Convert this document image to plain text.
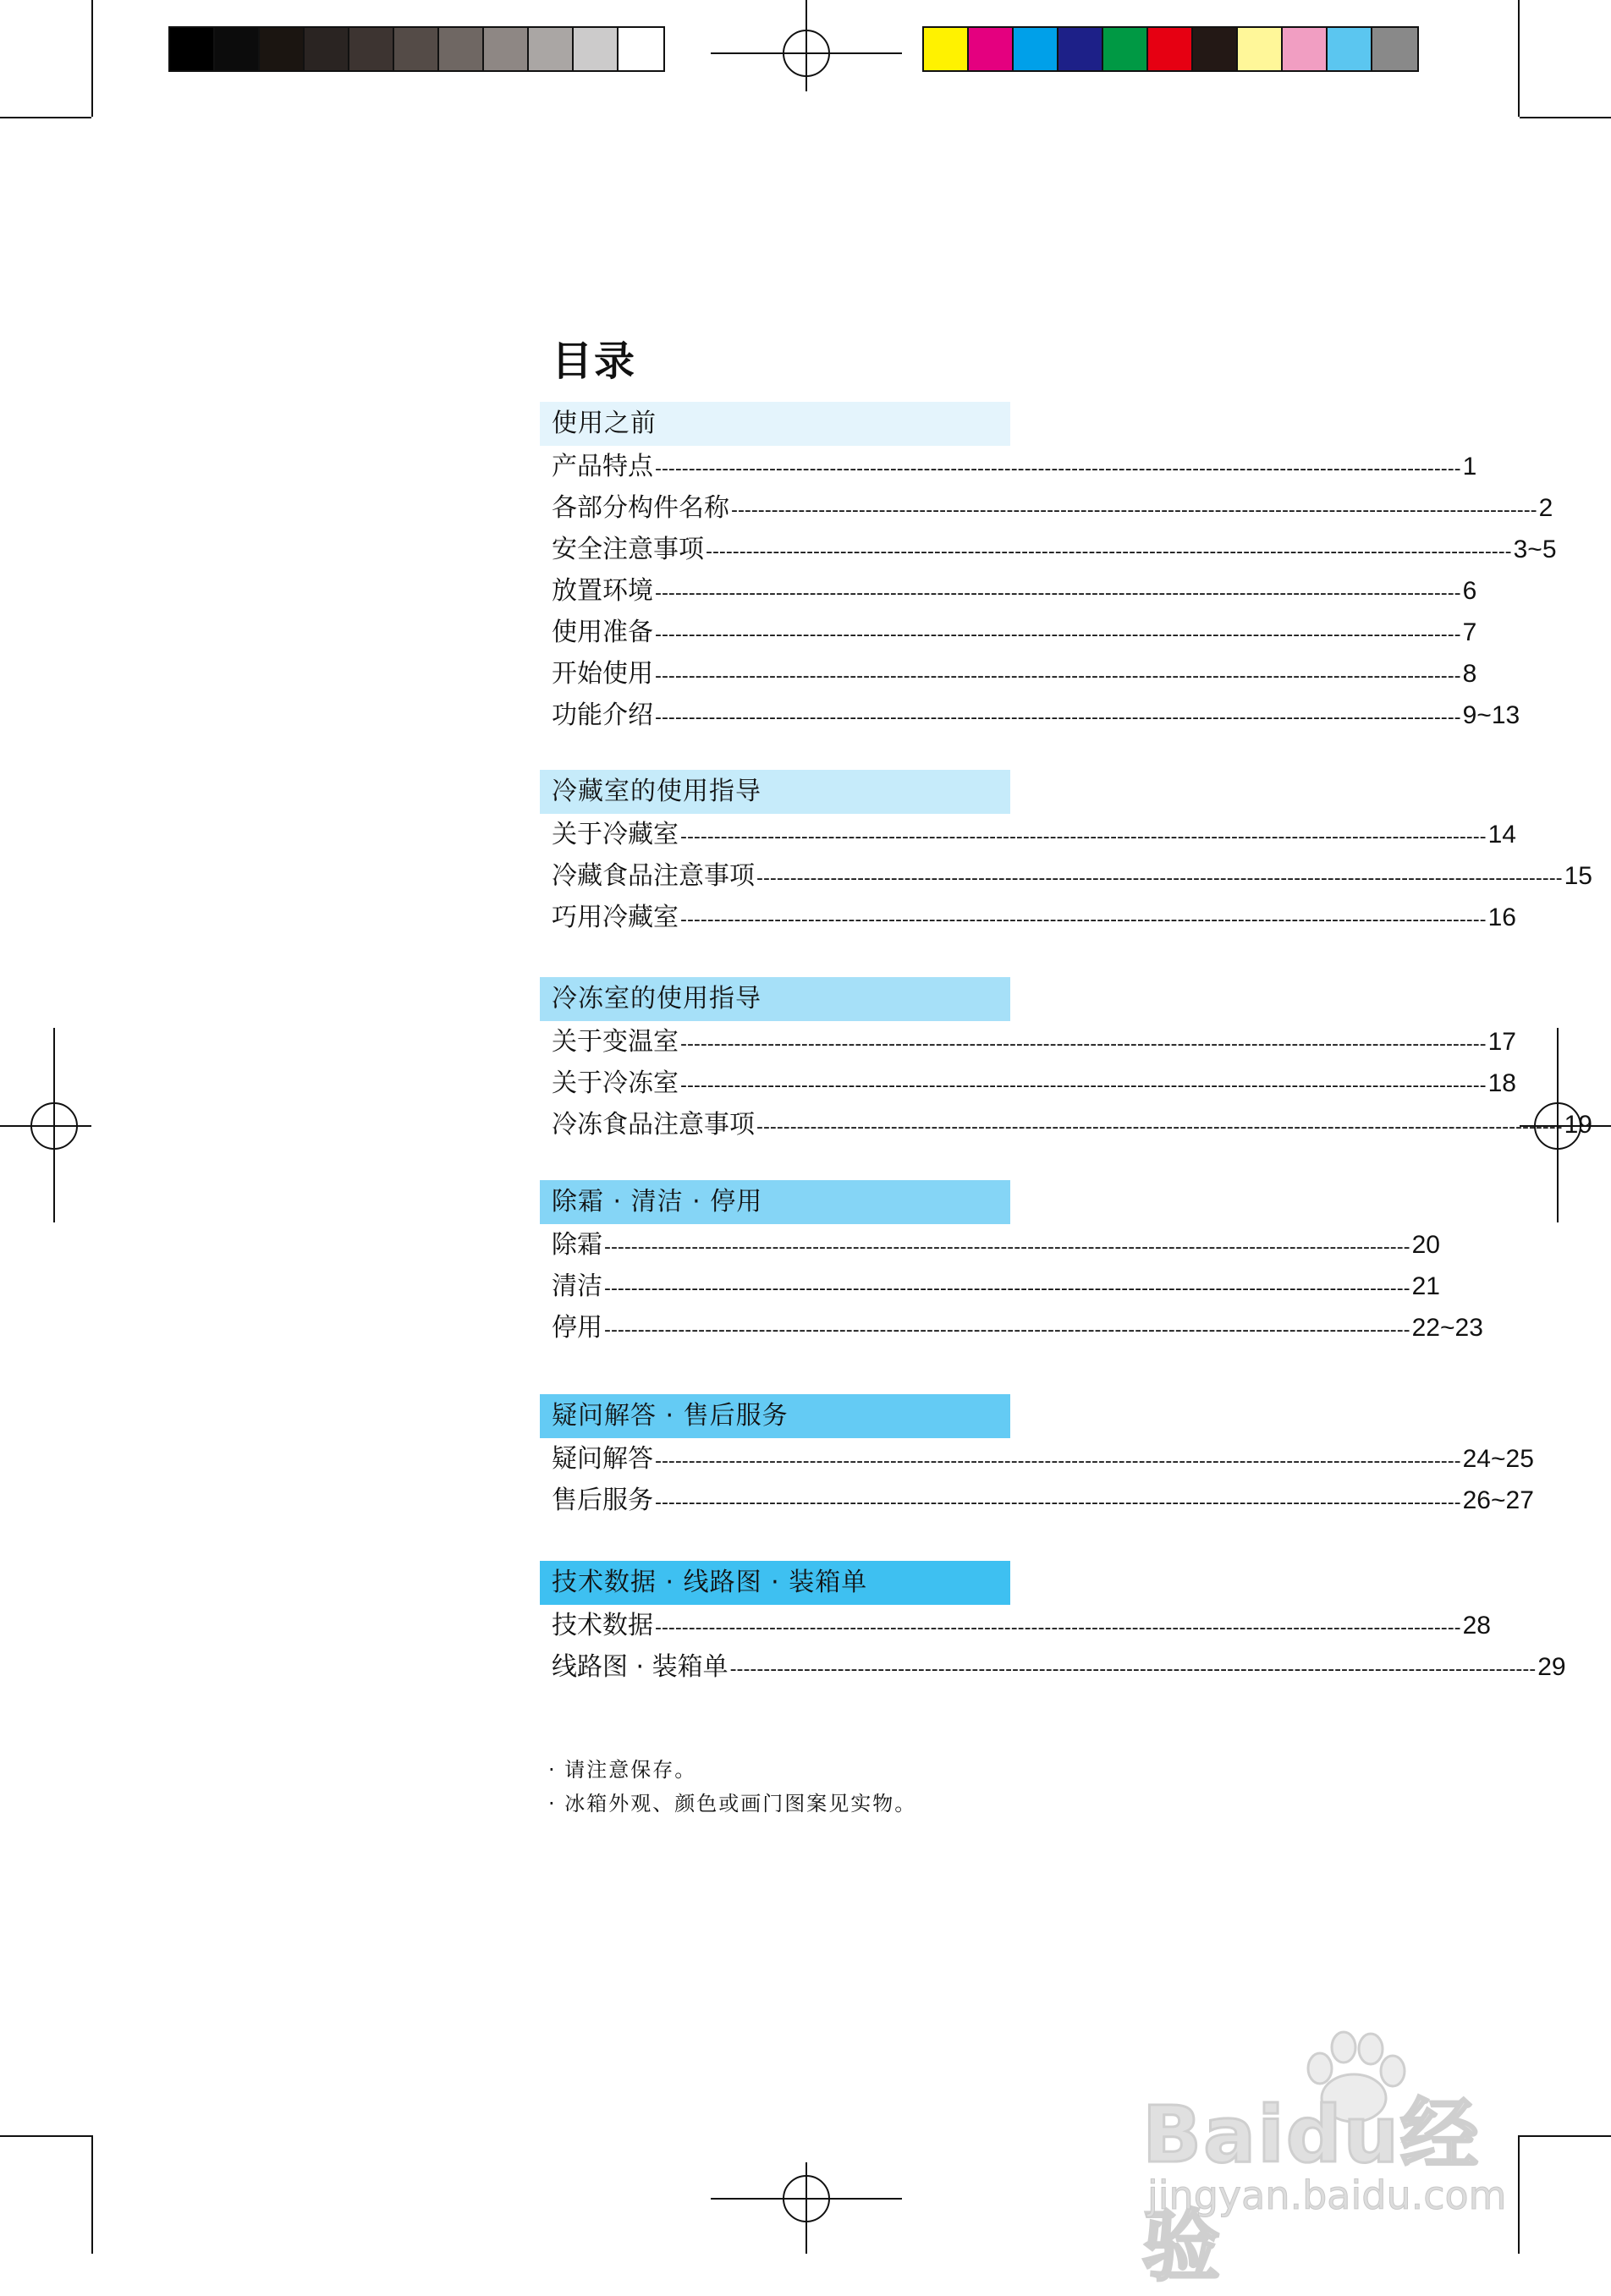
目录
使用之前
产品特点 ------------------------------------------------------------------------------------------------------------------------ 1
各部分构件名称 ------------------------------------------------------------------------------------------------------------------------ 2
安全注意事项 ------------------------------------------------------------------------------------------------------------------------ 3~5
放置环境 ------------------------------------------------------------------------------------------------------------------------ 6
使用准备 ------------------------------------------------------------------------------------------------------------------------ 7
开始使用 ------------------------------------------------------------------------------------------------------------------------ 8
功能介绍 ------------------------------------------------------------------------------------------------------------------------ 9~13
冷藏室的使用指导
关于冷藏室 ------------------------------------------------------------------------------------------------------------------------ 14
冷藏食品注意事项 ------------------------------------------------------------------------------------------------------------------------ 15
巧用冷藏室 ------------------------------------------------------------------------------------------------------------------------ 16
冷冻室的使用指导
关于变温室 ------------------------------------------------------------------------------------------------------------------------ 17
关于冷冻室 ------------------------------------------------------------------------------------------------------------------------ 18
冷冻食品注意事项 ------------------------------------------------------------------------------------------------------------------------ 19
除霜 · 清洁 · 停用
除霜 ------------------------------------------------------------------------------------------------------------------------ 20
清洁 ------------------------------------------------------------------------------------------------------------------------ 21
停用 ------------------------------------------------------------------------------------------------------------------------ 22~23
疑问解答 · 售后服务
疑问解答 ------------------------------------------------------------------------------------------------------------------------ 24~25
售后服务 ------------------------------------------------------------------------------------------------------------------------ 26~27
技术数据 · 线路图 · 装箱单
技术数据 ------------------------------------------------------------------------------------------------------------------------ 28
线路图 · 装箱单 ------------------------------------------------------------------------------------------------------------------------ 29
· 请注意保存。
· 冰箱外观、颜色或画门图案见实物。
Baidu经验
jingyan.baidu.com
